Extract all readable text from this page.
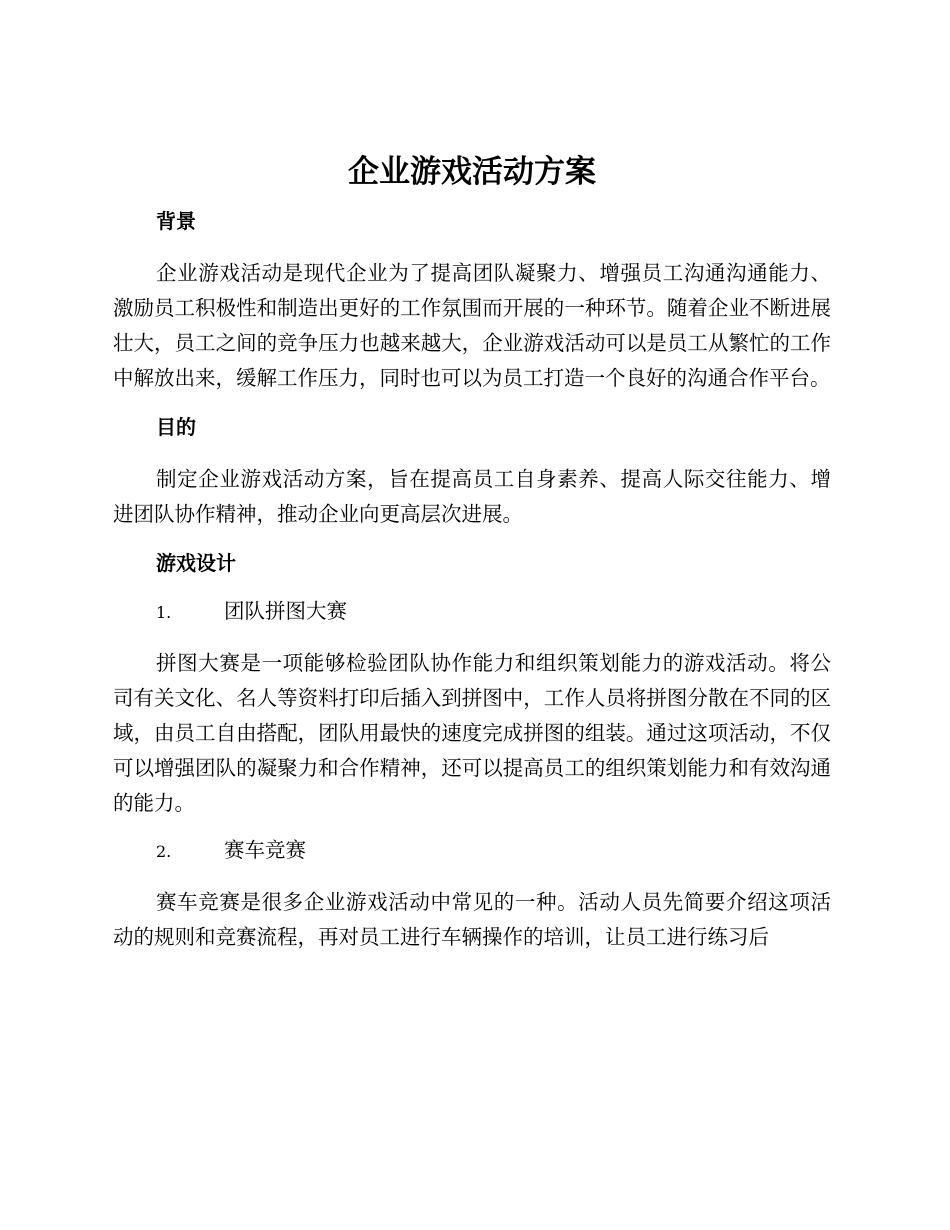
企业游戏活动方案
背景

企业游戏活动是现代企业为了提高团队凝聚力、增强员工沟通沟通能力、激励员工积极性和制造出更好的工作氛围而开展的一种环节。随着企业不断进展壮大，员工之间的竞争压力也越来越大，企业游戏活动可以是员工从繁忙的工作中解放出来，缓解工作压力，同时也可以为员工打造一个良好的沟通合作平台。

目的

制定企业游戏活动方案，旨在提高员工自身素养、提高人际交往能力、增进团队协作精神，推动企业向更高层次进展。

游戏设计
1.	团队拼图大赛

拼图大赛是一项能够检验团队协作能力和组织策划能力的游戏活动。将公司有关文化、名人等资料打印后插入到拼图中，工作人员将拼图分散在不同的区域，由员工自由搭配，团队用最快的速度完成拼图的组装。通过这项活动，不仅可以增强团队的凝聚力和合作精神，还可以提高员工的组织策划能力和有效沟通的能力。

2.	赛车竞赛

赛车竞赛是很多企业游戏活动中常见的一种。活动人员先简要介绍这项活动的规则和竞赛流程，再对员工进行车辆操作的培训，让员工进行练习后
